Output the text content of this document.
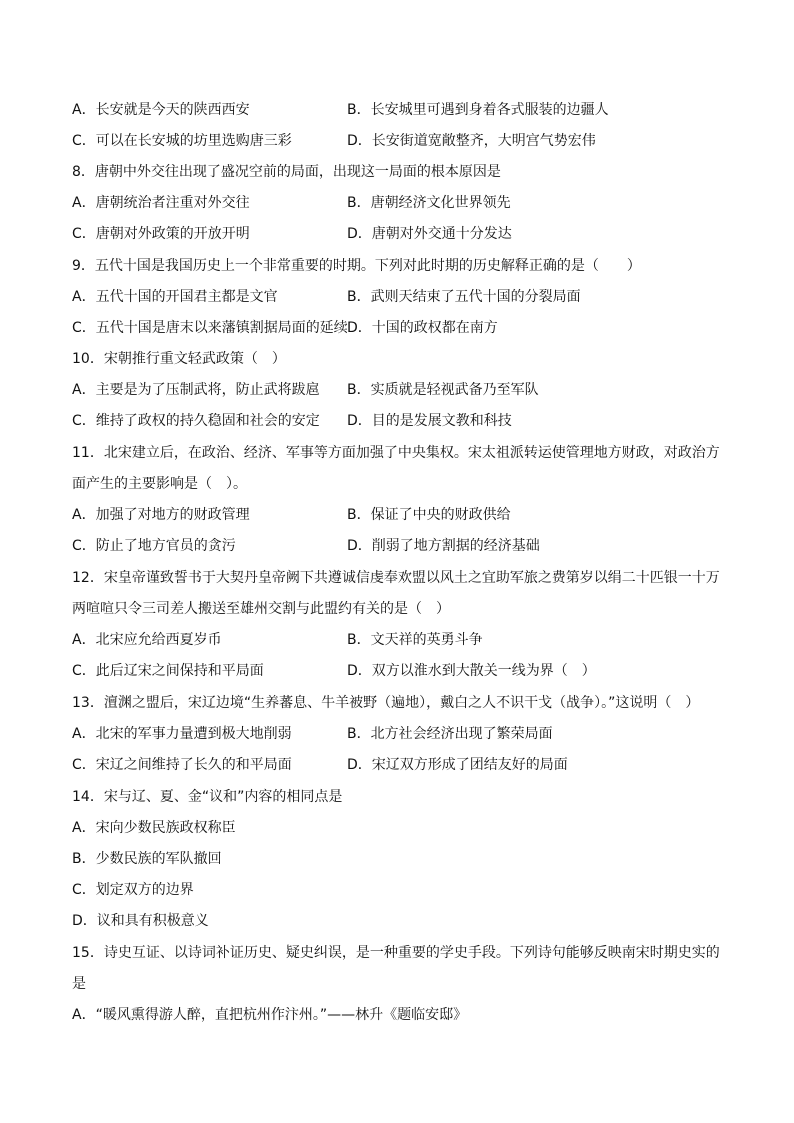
A．长安就是今天的陕西西安	B．长安城里可遇到身着各式服装的边疆人
C．可以在长安城的坊里选购唐三彩	D．长安街道宽敞整齐，大明宫气势宏伟
8．唐朝中外交往出现了盛况空前的局面，出现这一局面的根本原因是
A．唐朝统治者注重对外交往	B．唐朝经济文化世界领先
C．唐朝对外政策的开放开明	D．唐朝对外交通十分发达
9．五代十国是我国历史上一个非常重要的时期。下列对此时期的历史解释正确的是（　　）
A．五代十国的开国君主都是文官	B．武则天结束了五代十国的分裂局面
C．五代十国是唐末以来藩镇割据局面的延续 D．十国的政权都在南方
10．宋朝推行重文轻武政策（　）
A．主要是为了压制武将，防止武将跋扈	B．实质就是轻视武备乃至军队
C．维持了政权的持久稳固和社会的安定	D．目的是发展文教和科技
11．北宋建立后，在政治、经济、军事等方面加强了中央集权。宋太祖派转运使管理地方财政，对政治方
面产生的主要影响是（　）。
A．加强了对地方的财政管理	B．保证了中央的财政供给
C．防止了地方官员的贪污	D．削弱了地方割据的经济基础
12．宋皇帝谨致誓书于大契丹皇帝阙下共遵诚信虔奉欢盟以风土之宜助军旅之费第岁以绢二十匹银一十万
两喧喧只令三司差人搬送至雄州交割与此盟约有关的是（　）
A．北宋应允给西夏岁币	B．文天祥的英勇斗争
C．此后辽宋之间保持和平局面	D．双方以淮水到大散关一线为界（　）
13．澶渊之盟后，宋辽边境“生养蕃息、牛羊被野（遍地），戴白之人不识干戈（战争）。”这说明（　）
A．北宋的军事力量遭到极大地削弱	B．北方社会经济出现了繁荣局面
C．宋辽之间维持了长久的和平局面	D．宋辽双方形成了团结友好的局面
14．宋与辽、夏、金“议和”内容的相同点是
A．宋向少数民族政权称臣
B．少数民族的军队撤回
C．划定双方的边界
D．议和具有积极意义
15．诗史互证、以诗词补证历史、疑史纠误，是一种重要的学史手段。下列诗句能够反映南宋时期史实的
是
A．“暖风熏得游人醉，直把杭州作汴州。”——林升《题临安邸》
